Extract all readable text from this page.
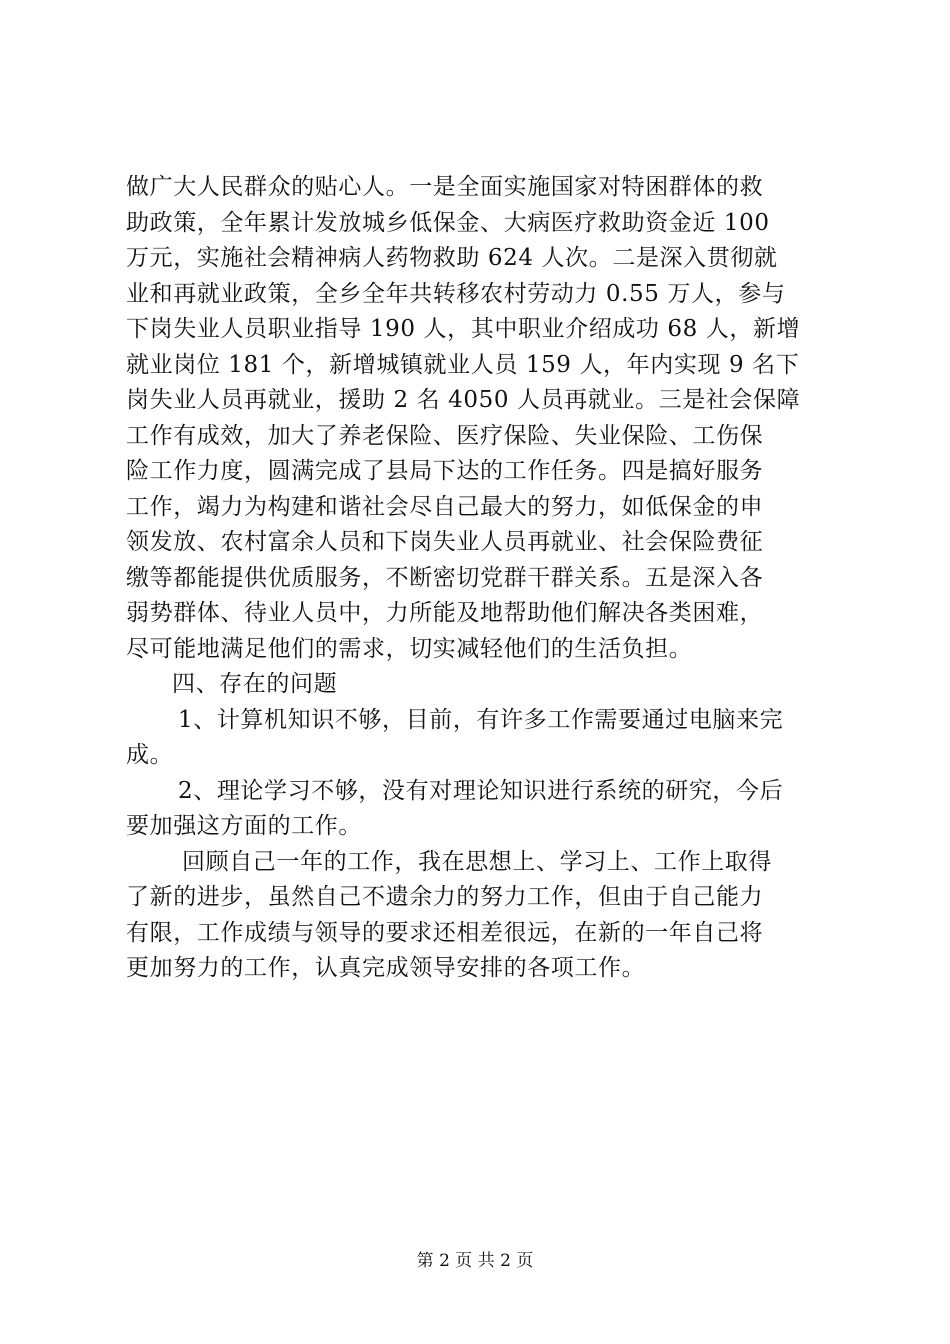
做广大人民群众的贴心人。一是全面实施国家对特困群体的救
助政策，全年累计发放城乡低保金、大病医疗救助资金近 100
万元，实施社会精神病人药物救助 624 人次。二是深入贯彻就
业和再就业政策，全乡全年共转移农村劳动力 0.55 万人，参与
下岗失业人员职业指导 190 人，其中职业介绍成功 68 人，新增
就业岗位 181 个，新增城镇就业人员 159 人，年内实现 9 名下
岗失业人员再就业，援助 2 名 4050 人员再就业。三是社会保障
工作有成效，加大了养老保险、医疗保险、失业保险、工伤保
险工作力度，圆满完成了县局下达的工作任务。四是搞好服务
工作，竭力为构建和谐社会尽自己最大的努力，如低保金的申
领发放、农村富余人员和下岗失业人员再就业、社会保险费征
缴等都能提供优质服务，不断密切党群干群关系。五是深入各
弱势群体、待业人员中，力所能及地帮助他们解决各类困难，
尽可能地满足他们的需求，切实减轻他们的生活负担。
四、存在的问题
1、计算机知识不够，目前，有许多工作需要通过电脑来完
成。
2、理论学习不够，没有对理论知识进行系统的研究，今后
要加强这方面的工作。
回顾自己一年的工作，我在思想上、学习上、工作上取得
了新的进步，虽然自己不遗余力的努力工作，但由于自己能力
有限，工作成绩与领导的要求还相差很远，在新的一年自己将
更加努力的工作，认真完成领导安排的各项工作。
第 2 页 共 2 页
